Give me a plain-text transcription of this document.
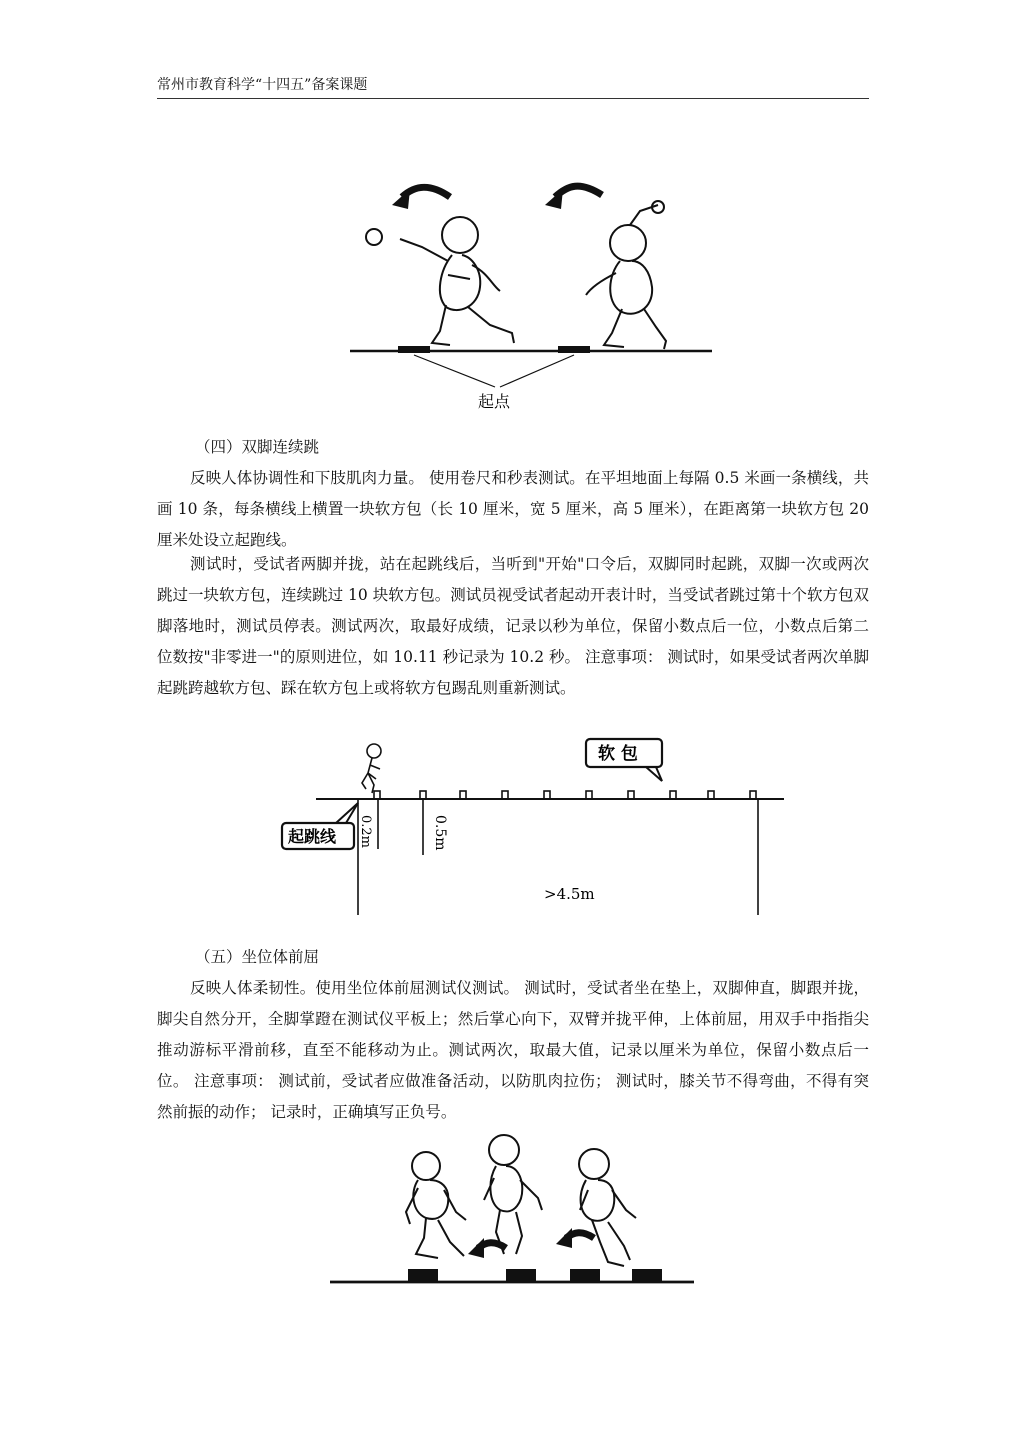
常州市教育科学“十四五”备案课题
起点
（四）双脚连续跳

反映人体协调性和下肢肌肉力量。 使用卷尺和秒表测试。在平坦地面上每隔 0.5 米画一条横线，共画 10 条，每条横线上横置一块软方包（长 10 厘米，宽 5 厘米，高 5 厘米），在距离第一块软方包 20 厘米处设立起跑线。

测试时，受试者两脚并拢，站在起跳线后，当听到"开始"口令后，双脚同时起跳，双脚一次或两次跳过一块软方包，连续跳过 10 块软方包。测试员视受试者起动开表计时，当受试者跳过第十个软方包双脚落地时，测试员停表。测试两次，取最好成绩，记录以秒为单位，保留小数点后一位，小数点后第二位数按"非零进一"的原则进位，如 10.11 秒记录为 10.2 秒。 注意事项： 测试时，如果受试者两次单脚起跳跨越软方包、踩在软方包上或将软方包踢乱则重新测试。

软 包
起跳线 0.2m	0.5m
>4.5m
（五）坐位体前屈

反映人体柔韧性。使用坐位体前屈测试仪测试。 测试时，受试者坐在垫上，双脚伸直，脚跟并拢，脚尖自然分开，全脚掌蹬在测试仪平板上；然后掌心向下，双臂并拢平伸，上体前屈，用双手中指指尖推动游标平滑前移，直至不能移动为止。测试两次，取最大值，记录以厘米为单位，保留小数点后一位。 注意事项： 测试前，受试者应做准备活动，以防肌肉拉伤； 测试时，膝关节不得弯曲，不得有突然前振的动作； 记录时，正确填写正负号。
